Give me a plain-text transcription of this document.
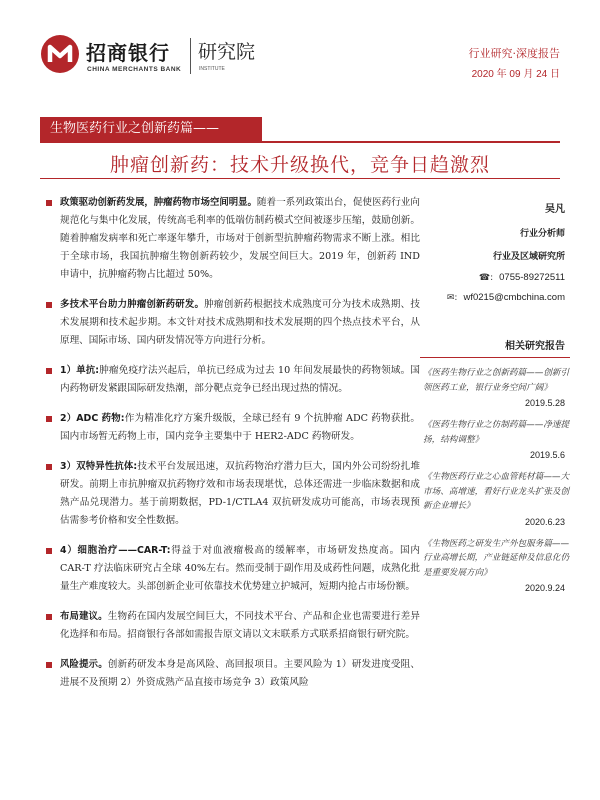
招商银行
CHINA MERCHANTS BANK
研究院
INSTITUTE
行业研究·深度报告
2020 年 09 月 24 日
生物医药行业之创新药篇——
肿瘤创新药：技术升级换代，竞争日趋激烈
政策驱动创新药发展，肿瘤药物市场空间明显。随着一系列政策出台，促使医药行业向规范化与集中化发展，传统高毛利率的低端仿制药模式空间被逐步压缩，鼓励创新。随着肿瘤发病率和死亡率逐年攀升，市场对于创新型抗肿瘤药物需求不断上涨。相比于全球市场，我国抗肿瘤生物创新药较少，发展空间巨大。2019 年，创新药 IND 申请中，抗肿瘤药物占比超过 50%。
多技术平台助力肿瘤创新药研发。肿瘤创新药根据技术成熟度可分为技术成熟期、技术发展期和技术起步期。本文针对技术成熟期和技术发展期的四个热点技术平台，从原理、国际市场、国内研发情况等方向进行分析。
1）单抗:肿瘤免疫疗法兴起后，单抗已经成为过去 10 年间发展最快的药物领域。国内药物研发紧跟国际研发热潮，部分靶点竞争已经出现过热的情况。
2）ADC 药物:作为精准化疗方案升级版，全球已经有 9 个抗肿瘤 ADC 药物获批。国内市场暂无药物上市，国内竞争主要集中于 HER2-ADC 药物研发。
3）双特异性抗体:技术平台发展迅速，双抗药物治疗潜力巨大，国内外公司纷纷扎堆研发。前期上市抗肿瘤双抗药物疗效和市场表现堪忧，总体还需进一步临床数据和成熟产品兑现潜力。基于前期数据，PD-1/CTLA4 双抗研发成功可能高，市场表现预估需参考价格和安全性数据。
4）细胞治疗——CAR-T:得益于对血液瘤极高的缓解率，市场研发热度高。国内 CAR-T 疗法临床研究占全球 40%左右。然而受制于副作用及成药性问题，成熟化批量生产难度较大。头部创新企业可依靠技术优势建立护城河，短期内抢占市场份额。
布局建议。生物药在国内发展空间巨大，不同技术平台、产品和企业也需要进行差异化选择和布局。招商银行各部如需报告原文请以文末联系方式联系招商银行研究院。
风险提示。创新药研发本身是高风险、高回报项目。主要风险为 1）研发进度受阻、进展不及预期 2）外资成熟产品直接市场竞争 3）政策风险
吴凡
行业分析师
行业及区域研究所
☎: 0755-89272511
✉: wf0215@cmbchina.com
相关研究报告
《医药生物行业之创新药篇——创新引领医药工业，银行业务空间广阔》
2019.5.28
《医药生物行业之仿制药篇——净速提扬，结构调整》
2019.5.6
《生物医药行业之心血管耗材篇——大市场、高增速，看好行业龙头扩张及创新企业增长》
2020.6.23
《生物医药之研发生产外包服务篇——行业高增长期，产业链延伸及信息化仍是重要发展方向》
2020.9.24
